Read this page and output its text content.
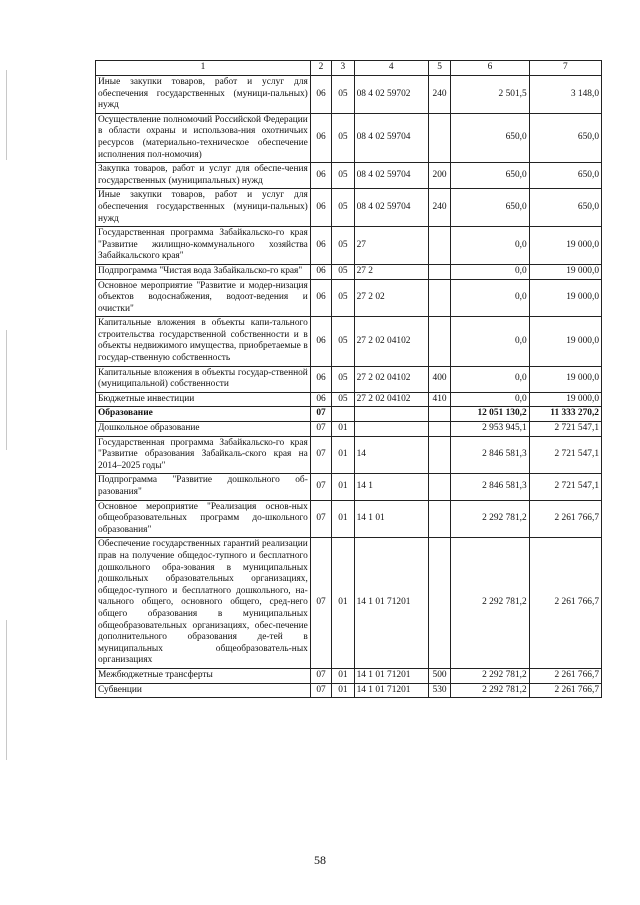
1	2	3	4	5	6	7
Иные закупки товаров, работ и услуг для обеспечения государственных (муници-пальных) нужд	06	05	08 4 02 59702	240	2 501,5	3 148,0
Осуществление полномочий Российской Федерации в области охраны и использова-ния охотничьих ресурсов (материально-техническое обеспечение исполнения пол-номочия)	06	05	08 4 02 59704		650,0	650,0
Закупка товаров, работ и услуг для обеспе-чения государственных (муниципальных) нужд	06	05	08 4 02 59704	200	650,0	650,0
Иные закупки товаров, работ и услуг для обеспечения государственных (муници-пальных) нужд	06	05	08 4 02 59704	240	650,0	650,0
Государственная программа Забайкальско-го края "Развитие жилищно-коммунального хозяйства Забайкальского края"	06	05	27		0,0	19 000,0
Подпрограмма "Чистая вода Забайкальско-го края"	06	05	27 2		0,0	19 000,0
Основное мероприятие "Развитие и модер-низация объектов водоснабжения, водоот-ведения и очистки"	06	05	27 2 02		0,0	19 000,0
Капитальные вложения в объекты капи-тального строительства государственной собственности и в объекты недвижимого имущества, приобретаемые в государ-ственную собственность	06	05	27 2 02 04102		0,0	19 000,0
Капитальные вложения в объекты государ-ственной (муниципальной) собственности	06	05	27 2 02 04102	400	0,0	19 000,0
Бюджетные инвестиции	06	05	27 2 02 04102	410	0,0	19 000,0
Образование	07				12 051 130,2	11 333 270,2
Дошкольное образование	07	01			2 953 945,1	2 721 547,1
Государственная программа Забайкальско-го края "Развитие образования Забайкаль-ского края на 2014–2025 годы"	07	01	14		2 846 581,3	2 721 547,1
Подпрограмма "Развитие дошкольного об-разования"	07	01	14 1		2 846 581,3	2 721 547,1
Основное мероприятие "Реализация основ-ных общеобразовательных программ до-школьного образования"	07	01	14 1 01		2 292 781,2	2 261 766,7
Обеспечение государственных гарантий реализации прав на получение общедос-тупного и бесплатного дошкольного обра-зования в муниципальных дошкольных образовательных организациях, общедос-тупного и бесплатного дошкольного, на-чального общего, основного общего, сред-него общего образования в муниципальных общеобразовательных организациях, обес-печение дополнительного образования де-тей в муниципальных общеобразователь-ных организациях	07	01	14 1 01 71201		2 292 781,2	2 261 766,7
Межбюджетные трансферты	07	01	14 1 01 71201	500	2 292 781,2	2 261 766,7
Субвенции	07	01	14 1 01 71201	530	2 292 781,2	2 261 766,7
58
